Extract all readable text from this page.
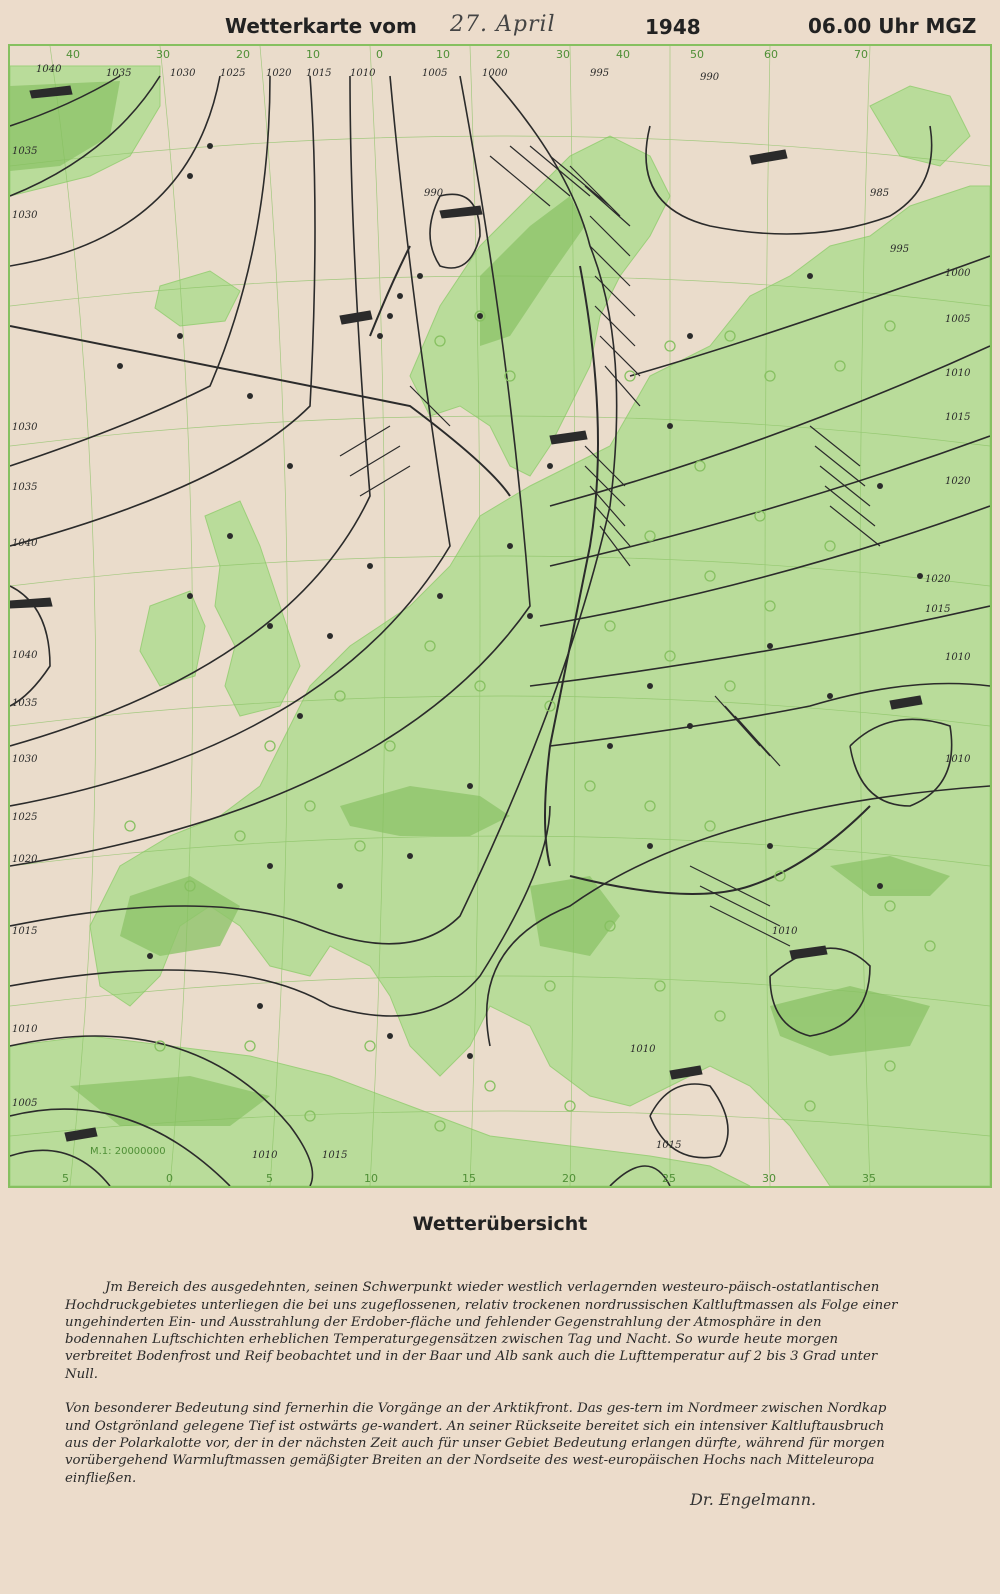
Wetterkarte vom 27. April	1948	06.00 Uhr MGZ
40	30	20	10	0	10	20	30	40	50	60	70
5	0	5	10	15	20	25	30	35
1035
1030
1030
1035
1040
1040
1035
1030
1025
1020
1015
1010
1005
1040	1035	1030 1025 1020 1015 1010	1005	1000	995	990
985
995
1000
1005
1010
1015
1020
1020
1015
1010
1010
1010	1015
1015
990
1010
1010
M.1: 20000000
Wetterübersicht

Jm Bereich des ausgedehnten, seinen Schwerpunkt wieder westlich verlagernden westeuro-päisch-ostatlantischen Hochdruckgebietes unterliegen die bei uns zugeflossenen, relativ trockenen nordrussischen Kaltluftmassen als Folge einer ungehinderten Ein- und Ausstrahlung der Erdober-fläche und fehlender Gegenstrahlung der Atmosphäre in den bodennahen Luftschichten erheblichen Temperaturgegensätzen zwischen Tag und Nacht. So wurde heute morgen verbreitet Bodenfrost und Reif beobachtet und in der Baar und Alb sank auch die Lufttemperatur auf 2 bis 3 Grad unter Null.

Von besonderer Bedeutung sind fernerhin die Vorgänge an der Arktikfront. Das ges-tern im Nordmeer zwischen Nordkap und Ostgrönland gelegene Tief ist ostwärts ge-wandert. An seiner Rückseite bereitet sich ein intensiver Kaltluftausbruch aus der Polarkalotte vor, der in der nächsten Zeit auch für unser Gebiet Bedeutung erlangen dürfte, während für morgen vorübergehend Warmluftmassen gemäßigter Breiten an der Nordseite des west-europäischen Hochs nach Mitteleuropa einfließen.

Dr. Engelmann.
